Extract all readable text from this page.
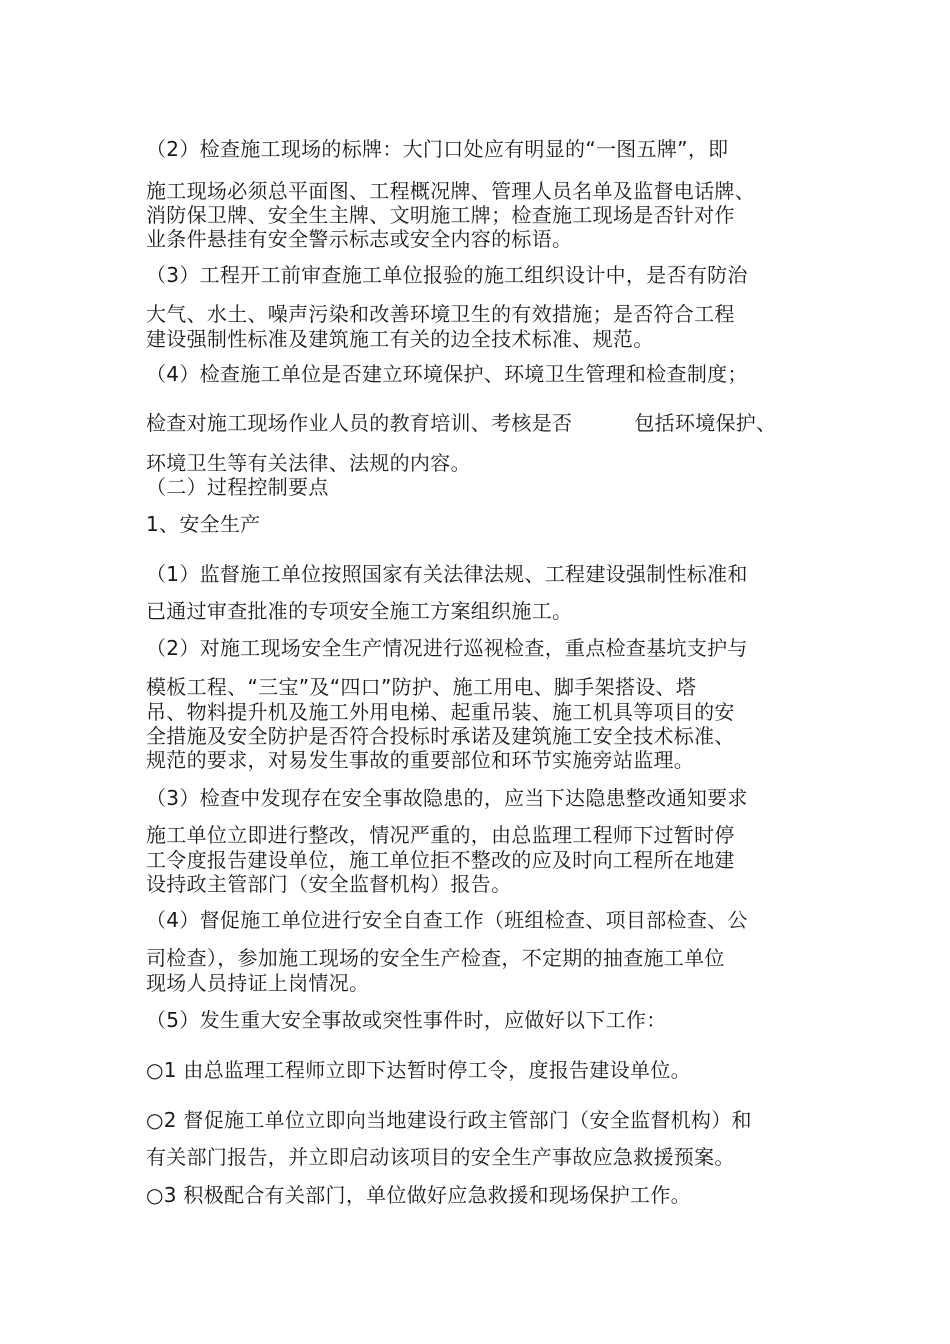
（2）检查施工现场的标牌：大门口处应有明显的“一图五牌”，即
施工现场必须总平面图、工程概况牌、管理人员名单及监督电话牌、
消防保卫牌、安全生主牌、文明施工牌；检查施工现场是否针对作
业条件悬挂有安全警示标志或安全内容的标语。
（3）工程开工前审查施工单位报验的施工组织设计中，是否有防治
大气、水土、噪声污染和改善环境卫生的有效措施；是否符合工程
建设强制性标准及建筑施工有关的边全技术标准、规范。
（4）检查施工单位是否建立环境保护、环境卫生管理和检查制度；
检查对施工现场作业人员的教育培训、考核是否	包括环境保护、
环境卫生等有关法律、法规的内容。
（二）过程控制要点
1、安全生产
（1）监督施工单位按照国家有关法律法规、工程建设强制性标准和
已通过审查批准的专项安全施工方案组织施工。
（2）对施工现场安全生产情况进行巡视检查，重点检查基坑支护与
模板工程、“三宝”及“四口”防护、施工用电、脚手架搭设、塔
吊、物料提升机及施工外用电梯、起重吊装、施工机具等项目的安
全措施及安全防护是否符合投标时承诺及建筑施工安全技术标准、
规范的要求，对易发生事故的重要部位和环节实施旁站监理。
（3）检查中发现存在安全事故隐患的，应当下达隐患整改通知要求
施工单位立即进行整改，情况严重的，由总监理工程师下过暂时停
工令度报告建设单位，施工单位拒不整改的应及时向工程所在地建
设持政主管部门（安全监督机构）报告。
（4）督促施工单位进行安全自查工作（班组检查、项目部检查、公
司检查），参加施工现场的安全生产检查，不定期的抽查施工单位
现场人员持证上岗情况。
（5）发生重大安全事故或突性事件时，应做好以下工作：
○1 由总监理工程师立即下达暂时停工令，度报告建设单位。
○2 督促施工单位立即向当地建设行政主管部门（安全监督机构）和
有关部门报告，并立即启动该项目的安全生产事故应急救援预案。
○3 积极配合有关部门，单位做好应急救援和现场保护工作。
